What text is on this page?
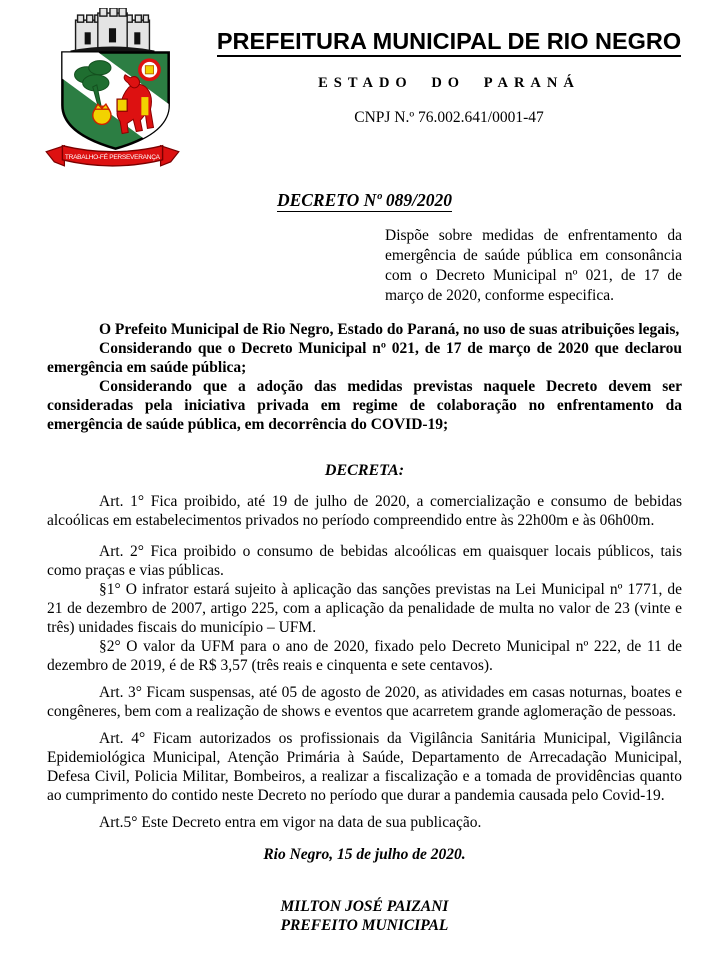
TRABALHO-FÉ PERSEVERANÇA
PREFEITURA MUNICIPAL DE RIO NEGRO
ESTADO DO PARANÁ
CNPJ N.º 76.002.641/0001-47
DECRETO Nº 089/2020

Dispõe sobre medidas de enfrentamento da emergência de saúde pública em consonância com o Decreto Municipal nº 021, de 17 de março de 2020, conforme especifica.

O Prefeito Municipal de Rio Negro, Estado do Paraná, no uso de suas atribuições legais,

Considerando que o Decreto Municipal nº 021, de 17 de março de 2020 que declarou emergência em saúde pública;

Considerando que a adoção das medidas previstas naquele Decreto devem ser consideradas pela iniciativa privada em regime de colaboração no enfrentamento da emergência de saúde pública, em decorrência do COVID-19;

DECRETA:

Art. 1° Fica proibido, até 19 de julho de 2020, a comercialização e consumo de bebidas alcoólicas em estabelecimentos privados no período compreendido entre às 22h00m e às 06h00m.

Art. 2° Fica proibido o consumo de bebidas alcoólicas em quaisquer locais públicos, tais como praças e vias públicas.

§1° O infrator estará sujeito à aplicação das sanções previstas na Lei Municipal nº 1771, de 21 de dezembro de 2007, artigo 225, com a aplicação da penalidade de multa no valor de 23 (vinte e três) unidades fiscais do município – UFM.

§2° O valor da UFM para o ano de 2020, fixado pelo Decreto Municipal nº 222, de 11 de dezembro de 2019, é de R$ 3,57 (três reais e cinquenta e sete centavos).

Art. 3° Ficam suspensas, até 05 de agosto de 2020, as atividades em casas noturnas, boates e congêneres, bem com a realização de shows e eventos que acarretem grande aglomeração de pessoas.

Art. 4° Ficam autorizados os profissionais da Vigilância Sanitária Municipal, Vigilância Epidemiológica Municipal, Atenção Primária à Saúde, Departamento de Arrecadação Municipal, Defesa Civil, Policia Militar, Bombeiros, a realizar a fiscalização e a tomada de providências quanto ao cumprimento do contido neste Decreto no período que durar a pandemia causada pelo Covid-19.

Art.5° Este Decreto entra em vigor na data de sua publicação.

Rio Negro, 15 de julho de 2020.

MILTON JOSÉ PAIZANI
PREFEITO MUNICIPAL
